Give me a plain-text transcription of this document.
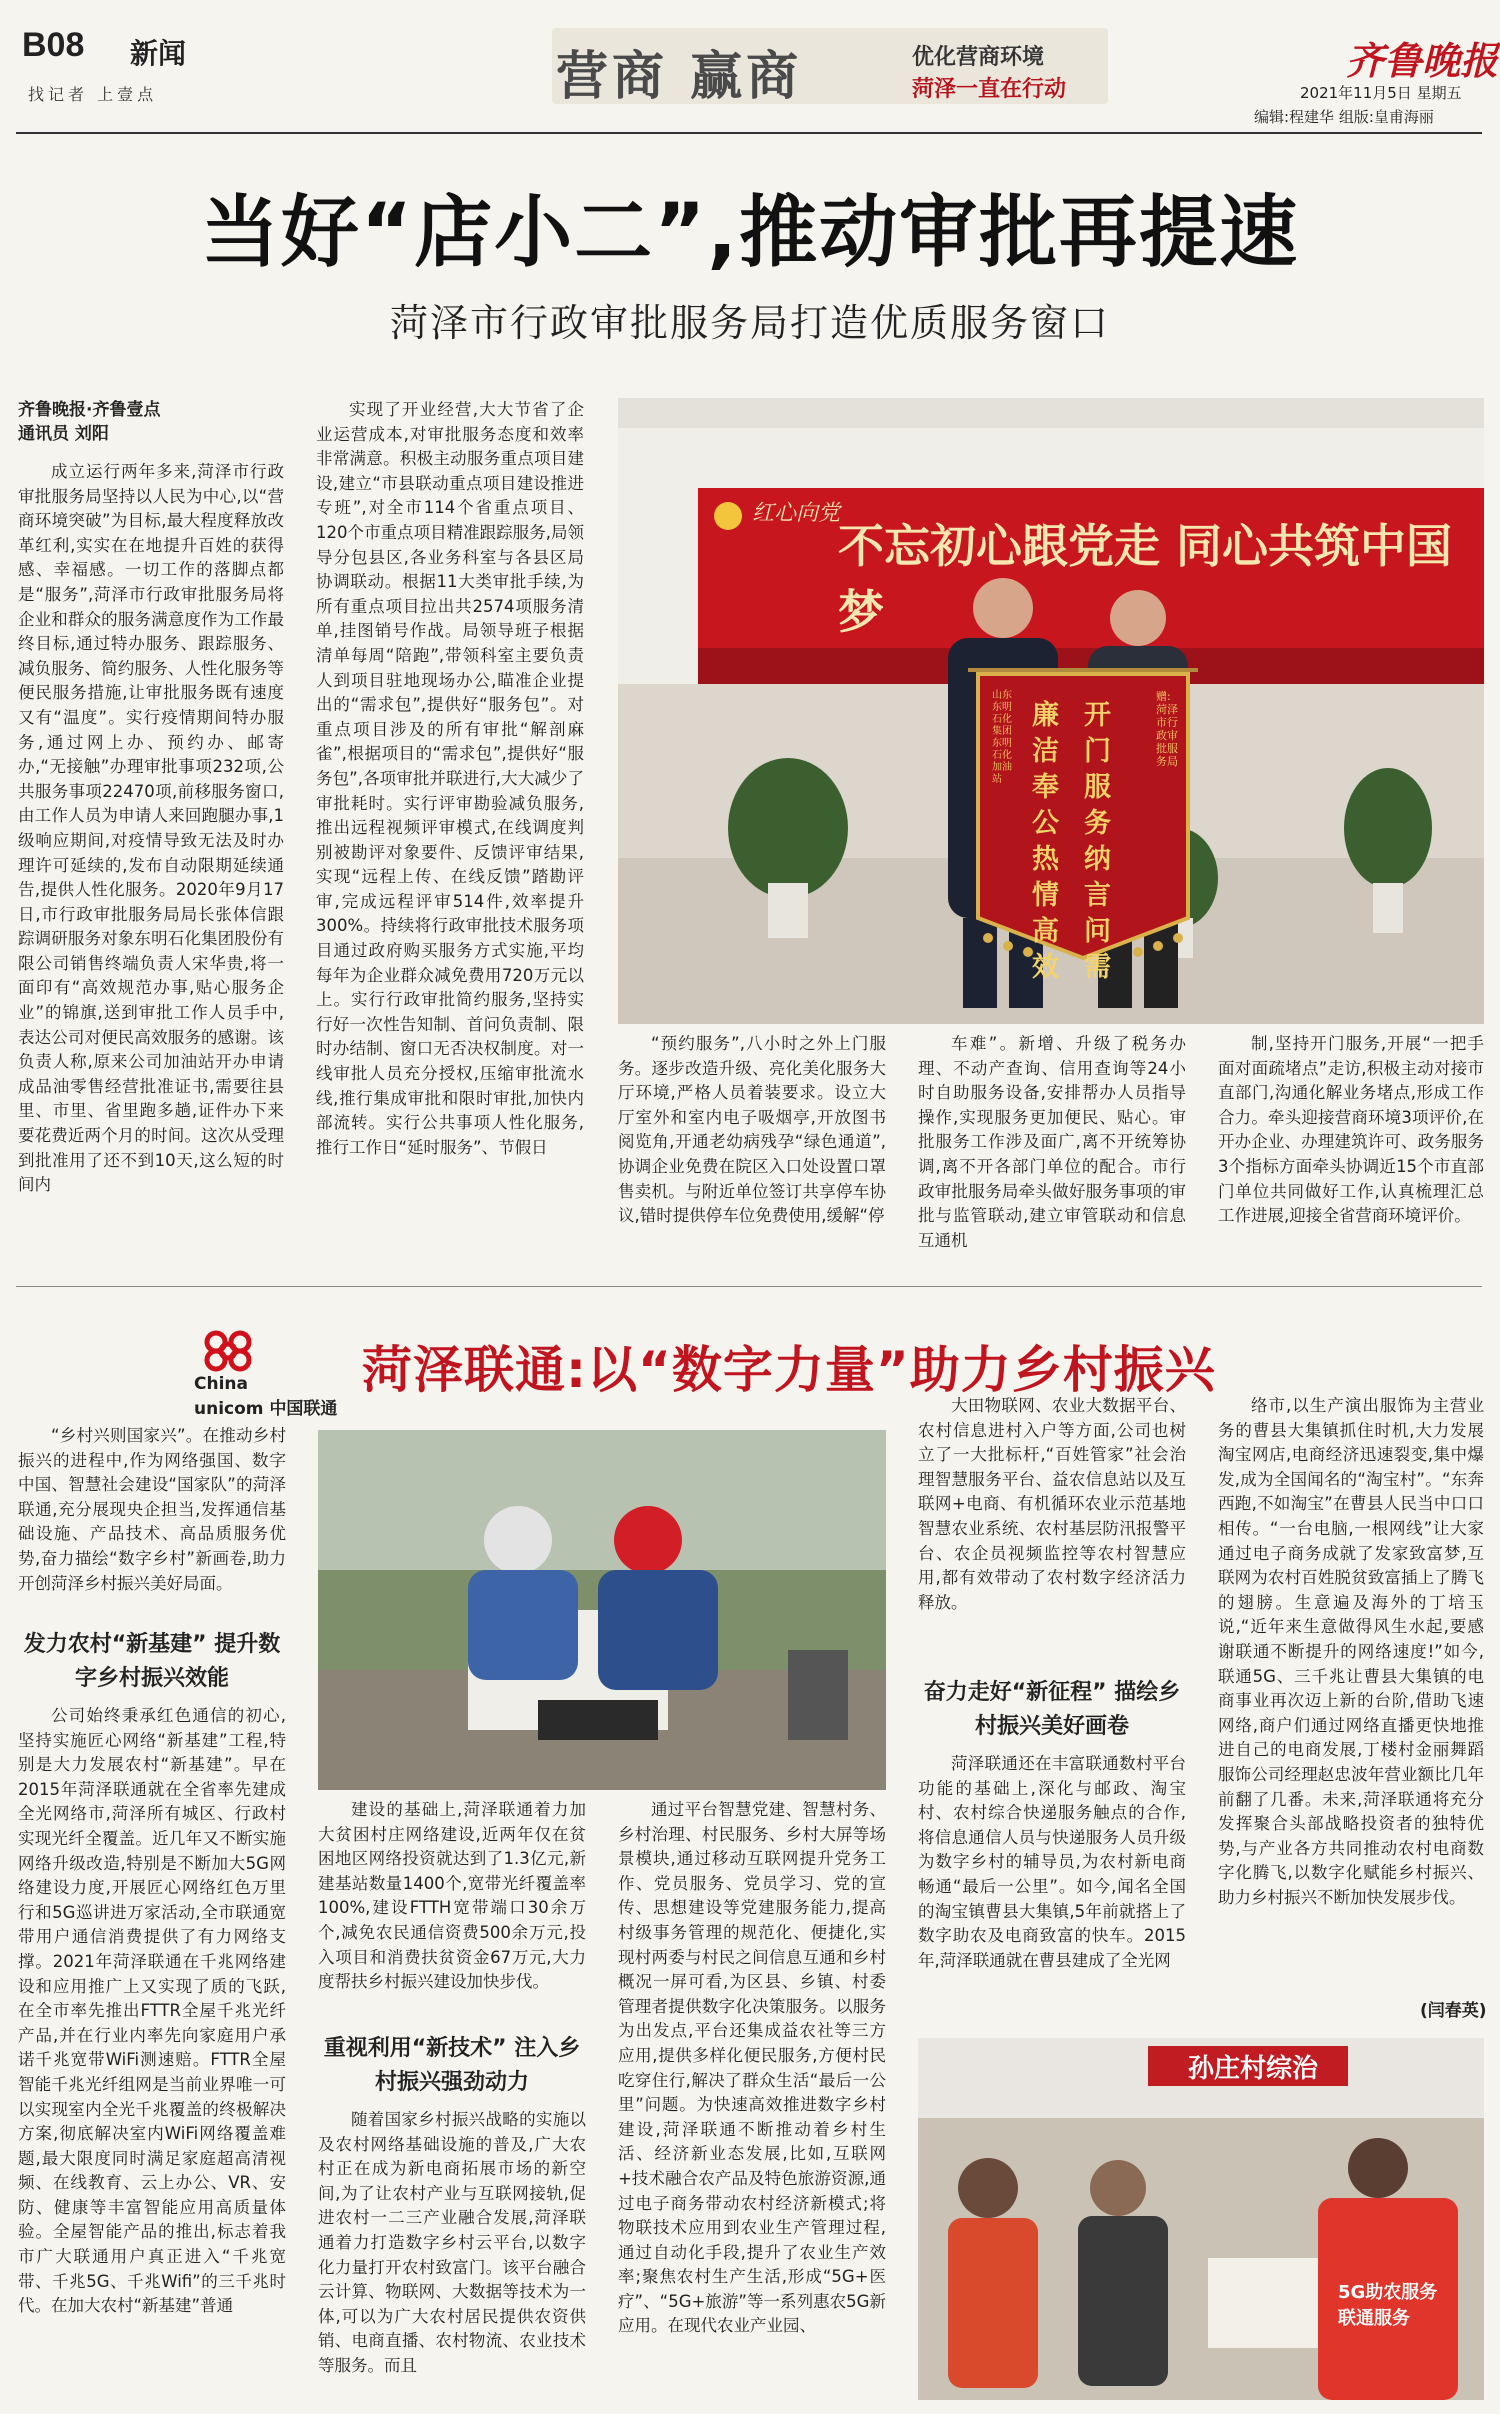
B08 新闻
找记者 上壹点	营商 赢商	优化营商环境
菏泽一直在行动
齐鲁晚报
2021年11月5日 星期五
编辑:程建华 组版:皇甫海丽
当好“店小二”,推动审批再提速
菏泽市行政审批服务局打造优质服务窗口
齐鲁晚报·齐鲁壹点
通讯员 刘阳

成立运行两年多来,菏泽市行政审批服务局坚持以人民为中心,以“营商环境突破”为目标,最大程度释放改革红利,实实在在地提升百姓的获得感、幸福感。一切工作的落脚点都是“服务”,菏泽市行政审批服务局将企业和群众的服务满意度作为工作最终目标,通过特办服务、跟踪服务、减负服务、简约服务、人性化服务等便民服务措施,让审批服务既有速度又有“温度”。实行疫情期间特办服务,通过网上办、预约办、邮寄办,“无接触”办理审批事项232项,公共服务事项22470项,前移服务窗口,由工作人员为申请人来回跑腿办事,1级响应期间,对疫情导致无法及时办理许可延续的,发布自动限期延续通告,提供人性化服务。2020年9月17日,市行政审批服务局局长张体信跟踪调研服务对象东明石化集团股份有限公司销售终端负责人宋华贵,将一面印有“高效规范办事,贴心服务企业”的锦旗,送到审批工作人员手中,表达公司对便民高效服务的感谢。该负责人称,原来公司加油站开办申请成品油零售经营批准证书,需要往县里、市里、省里跑多趟,证件办下来要花费近两个月的时间。这次从受理到批准用了还不到10天,这么短的时间内

实现了开业经营,大大节省了企业运营成本,对审批服务态度和效率非常满意。积极主动服务重点项目建设,建立“市县联动重点项目建设推进专班”,对全市114个省重点项目、120个市重点项目精准跟踪服务,局领导分包县区,各业务科室与各县区局协调联动。根据11大类审批手续,为所有重点项目拉出共2574项服务清单,挂图销号作战。局领导班子根据清单每周“陪跑”,带领科室主要负责人到项目驻地现场办公,瞄准企业提出的“需求包”,提供好“服务包”。对重点项目涉及的所有审批“解剖麻雀”,根据项目的“需求包”,提供好“服务包”,各项审批并联进行,大大减少了审批耗时。实行评审勘验减负服务,推出远程视频评审模式,在线调度判别被勘评对象要件、反馈评审结果,实现“远程上传、在线反馈”踏勘评审,完成远程评审514件,效率提升300%。持续将行政审批技术服务项目通过政府购买服务方式实施,平均每年为企业群众减免费用720万元以上。实行行政审批简约服务,坚持实行好一次性告知制、首问负责制、限时办结制、窗口无否决权制度。对一线审批人员充分授权,压缩审批流水线,推行集成审批和限时审批,加快内部流转。实行公共事项人性化服务,推行工作日“延时服务”、节假日

“预约服务”,八小时之外上门服务。逐步改造升级、亮化美化服务大厅环境,严格人员着装要求。设立大厅室外和室内电子吸烟亭,开放图书阅览角,开通老幼病残孕“绿色通道”,协调企业免费在院区入口处设置口罩售卖机。与附近单位签订共享停车协议,错时提供停车位免费使用,缓解“停

车难”。新增、升级了税务办理、不动产查询、信用查询等24小时自助服务设备,安排帮办人员指导操作,实现服务更加便民、贴心。审批服务工作涉及面广,离不开统筹协调,离不开各部门单位的配合。市行政审批服务局牵头做好服务事项的审批与监管联动,建立审管联动和信息互通机

制,坚持开门服务,开展“一把手面对面疏堵点”走访,积极主动对接市直部门,沟通化解业务堵点,形成工作合力。牵头迎接营商环境3项评价,在开办企业、办理建筑许可、政务服务3个指标方面牵头协调近15个市直部门单位共同做好工作,认真梳理汇总工作进展,迎接全省营商环境评价。

不忘初心跟党走 同心共筑中国梦
红心向党
赠:菏泽市行政审批服务局
开门服务 纳言问需
廉洁奉公 热情高效
山东东明石化集团东明石化加油站
China
unicom 中国联通
菏泽联通:以“数字力量”助力乡村振兴

“乡村兴则国家兴”。在推动乡村振兴的进程中,作为网络强国、数字中国、智慧社会建设“国家队”的菏泽联通,充分展现央企担当,发挥通信基础设施、产品技术、高品质服务优势,奋力描绘“数字乡村”新画卷,助力开创菏泽乡村振兴美好局面。

发力农村“新基建” 提升数字乡村振兴效能

公司始终秉承红色通信的初心,坚持实施匠心网络“新基建”工程,特别是大力发展农村“新基建”。早在2015年菏泽联通就在全省率先建成全光网络市,菏泽所有城区、行政村实现光纤全覆盖。近几年又不断实施网络升级改造,特别是不断加大5G网络建设力度,开展匠心网络红色万里行和5G巡讲进万家活动,全市联通宽带用户通信消费提供了有力网络支撑。2021年菏泽联通在千兆网络建设和应用推广上又实现了质的飞跃,在全市率先推出FTTR全屋千兆光纤产品,并在行业内率先向家庭用户承诺千兆宽带WiFi测速赔。FTTR全屋智能千兆光纤组网是当前业界唯一可以实现室内全光千兆覆盖的终极解决方案,彻底解决室内WiFi网络覆盖难题,最大限度同时满足家庭超高清视频、在线教育、云上办公、VR、安防、健康等丰富智能应用高质量体验。全屋智能产品的推出,标志着我市广大联通用户真正进入“千兆宽带、千兆5G、千兆Wifi”的三千兆时代。在加大农村“新基建”普通

建设的基础上,菏泽联通着力加大贫困村庄网络建设,近两年仅在贫困地区网络投资就达到了1.3亿元,新建基站数量1400个,宽带光纤覆盖率100%,建设FTTH宽带端口30余万个,减免农民通信资费500余万元,投入项目和消费扶贫资金67万元,大力度帮扶乡村振兴建设加快步伐。

重视利用“新技术” 注入乡村振兴强劲动力

随着国家乡村振兴战略的实施以及农村网络基础设施的普及,广大农村正在成为新电商拓展市场的新空间,为了让农村产业与互联网接轨,促进农村一二三产业融合发展,菏泽联通着力打造数字乡村云平台,以数字化力量打开农村致富门。该平台融合云计算、物联网、大数据等技术为一体,可以为广大农村居民提供农资供销、电商直播、农村物流、农业技术等服务。而且

通过平台智慧党建、智慧村务、乡村治理、村民服务、乡村大屏等场景模块,通过移动互联网提升党务工作、党员服务、党员学习、党的宣传、思想建设等党建服务能力,提高村级事务管理的规范化、便捷化,实现村两委与村民之间信息互通和乡村概况一屏可看,为区县、乡镇、村委管理者提供数字化决策服务。以服务为出发点,平台还集成益农社等三方应用,提供多样化便民服务,方便村民吃穿住行,解决了群众生活“最后一公里”问题。为快速高效推进数字乡村建设,菏泽联通不断推动着乡村生活、经济新业态发展,比如,互联网+技术融合农产品及特色旅游资源,通过电子商务带动农村经济新模式;将物联技术应用到农业生产管理过程,通过自动化手段,提升了农业生产效率;聚焦农村生产生活,形成“5G+医疗”、“5G+旅游”等一系列惠农5G新应用。在现代农业产业园、

大田物联网、农业大数据平台、农村信息进村入户等方面,公司也树立了一大批标杆,“百姓管家”社会治理智慧服务平台、益农信息站以及互联网+电商、有机循环农业示范基地智慧农业系统、农村基层防汛报警平台、农企员视频监控等农村智慧应用,都有效带动了农村数字经济活力释放。

奋力走好“新征程” 描绘乡村振兴美好画卷

菏泽联通还在丰富联通数村平台功能的基础上,深化与邮政、淘宝村、农村综合快递服务触点的合作,将信息通信人员与快递服务人员升级为数字乡村的辅导员,为农村新电商畅通“最后一公里”。如今,闻名全国的淘宝镇曹县大集镇,5年前就搭上了数字助农及电商致富的快车。2015年,菏泽联通就在曹县建成了全光网

络市,以生产演出服饰为主营业务的曹县大集镇抓住时机,大力发展淘宝网店,电商经济迅速裂变,集中爆发,成为全国闻名的“淘宝村”。“东奔西跑,不如淘宝”在曹县人民当中口口相传。“一台电脑,一根网线”让大家通过电子商务成就了发家致富梦,互联网为农村百姓脱贫致富插上了腾飞的翅膀。生意遍及海外的丁培玉说,“近年来生意做得风生水起,要感谢联通不断提升的网络速度!”如今,联通5G、三千兆让曹县大集镇的电商事业再次迈上新的台阶,借助飞速网络,商户们通过网络直播更快地推进自己的电商发展,丁楼村金丽舞蹈服饰公司经理赵忠波年营业额比几年前翻了几番。未来,菏泽联通将充分发挥聚合头部战略投资者的独特优势,与产业各方共同推动农村电商数字化腾飞,以数字化赋能乡村振兴、助力乡村振兴不断加快发展步伐。

(闫春英)
孙庄村综治
5G助农服务 联通服务
